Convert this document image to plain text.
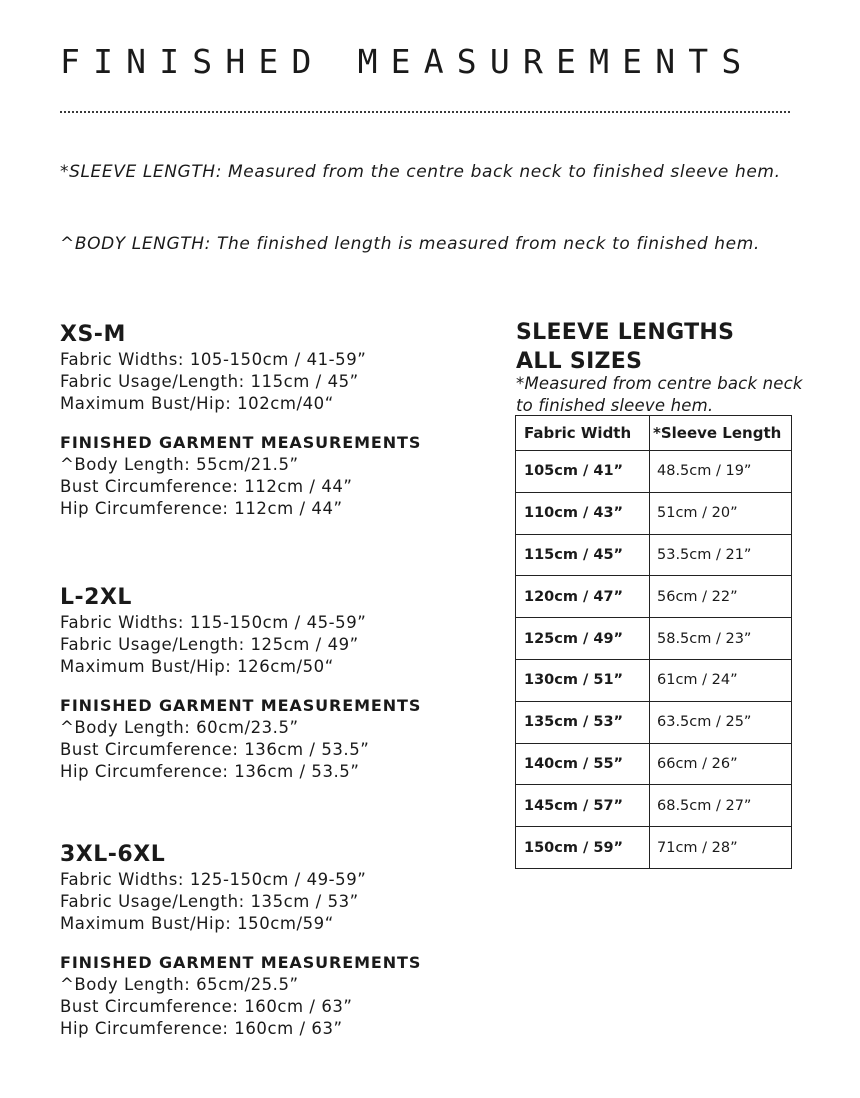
FINISHED MEASUREMENTS

*SLEEVE LENGTH: Measured from the centre back neck to finished sleeve hem.

^BODY LENGTH: The finished length is measured from neck to finished hem.

XS-M
Fabric Widths: 105-150cm / 41-59”
Fabric Usage/Length: 115cm / 45”
Maximum Bust/Hip: 102cm/40“
FINISHED GARMENT MEASUREMENTS
^Body Length: 55cm/21.5”
Bust Circumference: 112cm / 44”
Hip Circumference: 112cm / 44”
L-2XL
Fabric Widths: 115-150cm / 45-59”
Fabric Usage/Length: 125cm / 49”
Maximum Bust/Hip: 126cm/50“
FINISHED GARMENT MEASUREMENTS
^Body Length: 60cm/23.5”
Bust Circumference: 136cm / 53.5”
Hip Circumference: 136cm / 53.5”
3XL-6XL
Fabric Widths: 125-150cm / 49-59”
Fabric Usage/Length: 135cm / 53”
Maximum Bust/Hip: 150cm/59“
FINISHED GARMENT MEASUREMENTS
^Body Length: 65cm/25.5”
Bust Circumference: 160cm / 63”
Hip Circumference: 160cm / 63”
SLEEVE LENGTHS
ALL SIZES

*Measured from centre back neck to finished sleeve hem.

Fabric Width	*Sleeve Length
105cm / 41”	48.5cm / 19”
110cm / 43”	51cm / 20”
115cm / 45”	53.5cm / 21”
120cm / 47”	56cm / 22”
125cm / 49”	58.5cm / 23”
130cm / 51”	61cm / 24”
135cm / 53”	63.5cm / 25”
140cm / 55”	66cm / 26”
145cm / 57”	68.5cm / 27”
150cm / 59”	71cm / 28”
